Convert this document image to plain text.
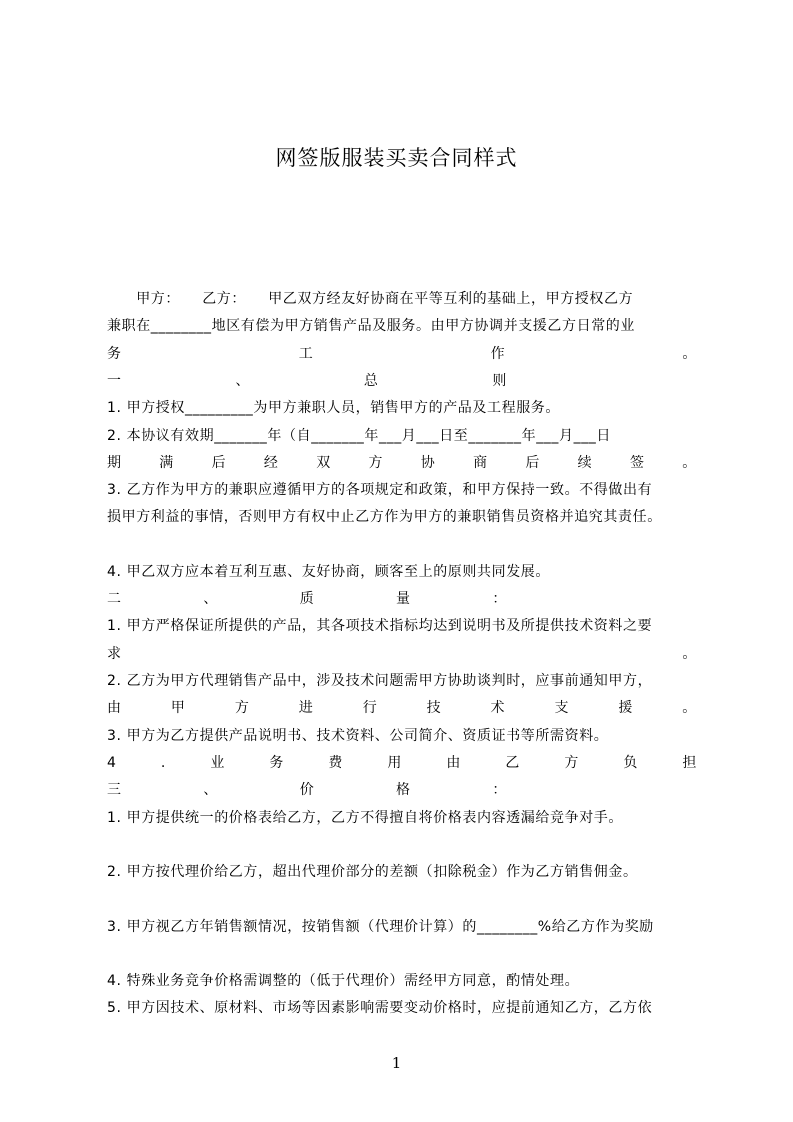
网签版服装买卖合同样式
　　甲方：　　乙方：　　甲乙双方经友好协商在平等互利的基础上，甲方授权乙方
兼职在________地区有偿为甲方销售产品及服务。由甲方协调并支援乙方日常的业
务	工	作	。
一	、	总	则
1. 甲方授权_________为甲方兼职人员，销售甲方的产品及工程服务。
2. 本协议有效期_______年（自_______年___月___日至_______年___月___日
期	满	后	经	双	方	协	商	后	续	签	。
3. 乙方作为甲方的兼职应遵循甲方的各项规定和政策，和甲方保持一致。不得做出有
损甲方利益的事情，否则甲方有权中止乙方作为甲方的兼职销售员资格并追究其责任。
4. 甲乙双方应本着互利互惠、友好协商，顾客至上的原则共同发展。
二	、	质	量	：
1. 甲方严格保证所提供的产品，其各项技术指标均达到说明书及所提供技术资料之要
求	。
2. 乙方为甲方代理销售产品中，涉及技术问题需甲方协助谈判时，应事前通知甲方，
由	甲	方	进	行	技	术	支	援	。
3. 甲方为乙方提供产品说明书、技术资料、公司简介、资质证书等所需资料。
4	.	业	务	费	用	由	乙	方	负	担
三	、	价	格	：
1. 甲方提供统一的价格表给乙方，乙方不得擅自将价格表内容透漏给竞争对手。
2. 甲方按代理价给乙方，超出代理价部分的差额（扣除税金）作为乙方销售佣金。
3. 甲方视乙方年销售额情况，按销售额（代理价计算）的________%给乙方作为奖励
4. 特殊业务竞争价格需调整的（低于代理价）需经甲方同意，酌情处理。
5. 甲方因技术、原材料、市场等因素影响需要变动价格时，应提前通知乙方，乙方依
1
